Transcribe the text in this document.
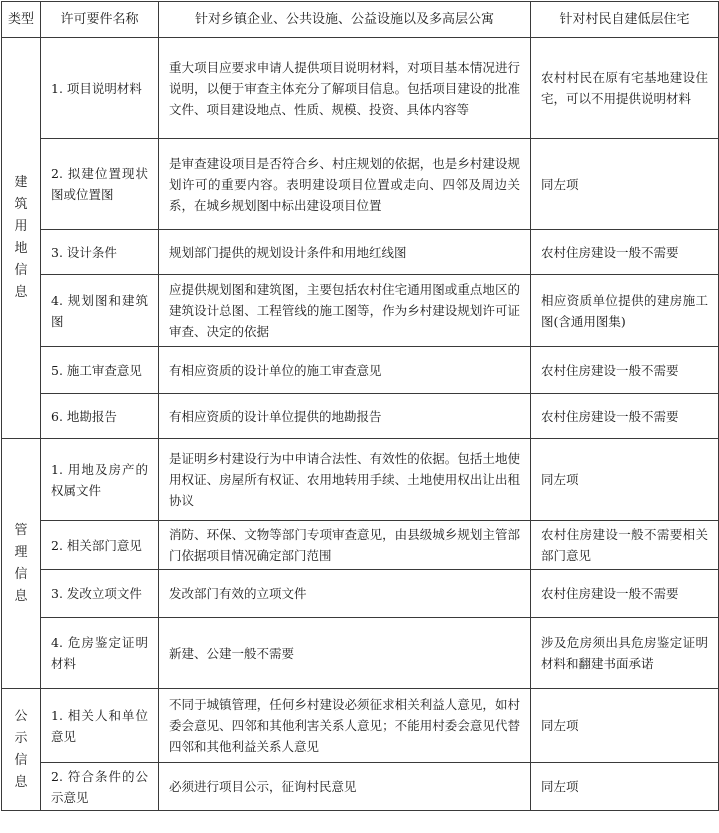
类型	许可要件名称	针对乡镇企业、公共设施、公益设施以及多高层公寓	针对村民自建低层住宅
建筑用地信息	1. 项目说明材料	重大项目应要求申请人提供项目说明材料，对项目基本情况进行说明，以便于审查主体充分了解项目信息。包括项目建设的批准文件、项目建设地点、性质、规模、投资、具体内容等	农村村民在原有宅基地建设住宅，可以不用提供说明材料
	2. 拟建位置现状图或位置图	是审查建设项目是否符合乡、村庄规划的依据，也是乡村建设规划许可的重要内容。表明建设项目位置或走向、四邻及周边关系，在城乡规划图中标出建设项目位置	同左项
	3. 设计条件	规划部门提供的规划设计条件和用地红线图	农村住房建设一般不需要
	4. 规划图和建筑图	应提供规划图和建筑图，主要包括农村住宅通用图或重点地区的建筑设计总图、工程管线的施工图等，作为乡村建设规划许可证审查、决定的依据	相应资质单位提供的建房施工图(含通用图集)
	5. 施工审查意见	有相应资质的设计单位的施工审查意见	农村住房建设一般不需要
	6. 地勘报告	有相应资质的设计单位提供的地勘报告	农村住房建设一般不需要
管理信息	1. 用地及房产的权属文件	是证明乡村建设行为中申请合法性、有效性的依据。包括土地使用权证、房屋所有权证、农用地转用手续、土地使用权出让出租协议	同左项
	2. 相关部门意见	消防、环保、文物等部门专项审查意见，由县级城乡规划主管部门依据项目情况确定部门范围	农村住房建设一般不需要相关部门意见
	3. 发改立项文件	发改部门有效的立项文件	农村住房建设一般不需要
	4. 危房鉴定证明材料	新建、公建一般不需要	涉及危房须出具危房鉴定证明材料和翻建书面承诺
公示信息	1. 相关人和单位意见	不同于城镇管理，任何乡村建设必须征求相关利益人意见，如村委会意见、四邻和其他利害关系人意见；不能用村委会意见代替四邻和其他利益关系人意见	同左项
	2. 符合条件的公示意见	必须进行项目公示，征询村民意见	同左项
